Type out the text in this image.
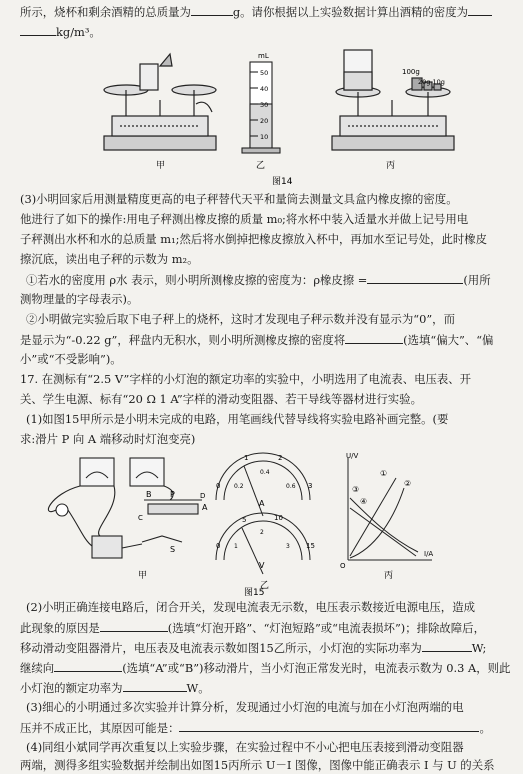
所示，烧杯和剩余酒精的总质量为	g。请你根据以上实验数据计算出酒精的密度为
kg/m³。
甲
mL
50
40
30
20
10
乙
100g
20g 10g
丙
图14
(3)小明回家后用测量精度更高的电子秤替代天平和量筒去测量文具盒内橡皮擦的密度。
他进行了如下的操作:用电子秤测出橡皮擦的质量 m₀;将水杯中装入适量水并做上记号用电
子秤测出水杯和水的总质量 m₁;然后将水倒掉把橡皮擦放入杯中，再加水至记号处，此时橡皮
擦沉底，读出电子秤的示数为 m₂。
①若水的密度用 ρ水 表示，则小明所测橡皮擦的密度为：ρ橡皮擦 =	(用所
测物理量的字母表示)。
②小明做完实验后取下电子秤上的烧杯，这时才发现电子秤示数并没有显示为“0”，而
是显示为“-0.22 g”，秤盘内无积水，则小明所测橡皮擦的密度将	(选填“偏大”、“偏
小”或“不受影响”)。
17. 在测标有“2.5 V”字样的小灯泡的额定功率的实验中，小明选用了电流表、电压表、开
关、学生电源、标有“20 Ω 1 A”字样的滑动变阻器、若干导线等器材进行实验。
(1)如图15甲所示是小明未完成的电路，用笔画线代替导线将实验电路补画完整。(要
求:滑片 P 向 A 端移动时灯泡变亮)
B P
A
S
C
D
甲
0
1	2
3
0.2
0.4
0.6
A
0
5	10
15
1
2
3
V
乙
U/V
I/A
O
①
②
③
④
丙
图15
(2)小明正确连接电路后，闭合开关，发现电流表无示数，电压表示数接近电源电压，造成
此现象的原因是	(选填“灯泡开路”、“灯泡短路”或“电流表损坏”)；排除故障后，
移动滑动变阻器滑片，电压表及电流表示数如图15乙所示，小灯泡的实际功率为	W;
继续向	(选填“A”或“B”)移动滑片，当小灯泡正常发光时，电流表示数为 0.3 A，则此
小灯泡的额定功率为	W。
(3)细心的小明通过多次实验并计算分析，发现通过小灯泡的电流与加在小灯泡两端的电
压并不成正比，其原因可能是：	。
(4)同组小斌同学再次重复以上实验步骤，在实验过程中不小心把电压表接到滑动变阻器
两端，测得多组实验数据并绘制出如图15丙所示 U－I 图像，图像中能正确表示 I 与 U 的关系
